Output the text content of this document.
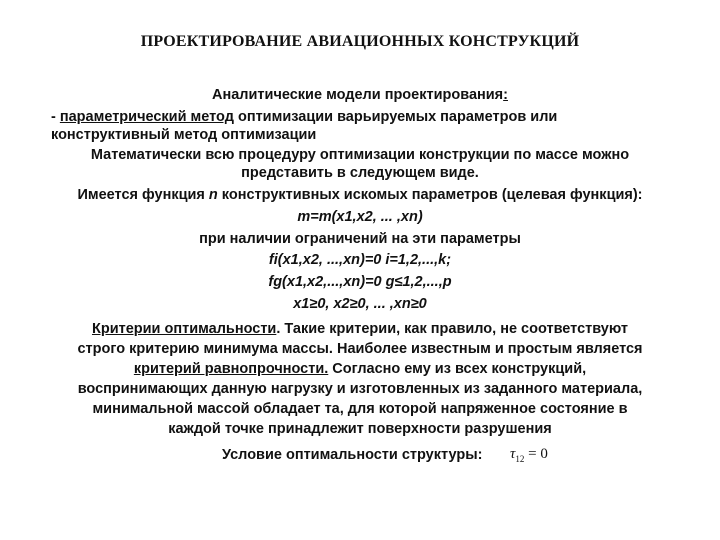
ПРОЕКТИРОВАНИЕ АВИАЦИОННЫХ КОНСТРУКЦИЙ
Аналитические модели проектирования:
- параметрический метод оптимизации варьируемых параметров или
конструктивный метод оптимизации
Математически всю процедуру оптимизации конструкции по массе можно
представить в следующем виде.
Имеется функция n конструктивных искомых параметров (целевая функция):
m=m(x1,x2, ... ,xn)
при наличии ограничений на эти параметры
fi(x1,x2, ...,xn)=0 i=1,2,...,k;
fg(x1,x2,...,xn)=0 g≤1,2,...,p
x1≥0, x2≥0, ... ,xn≥0
Критерии оптимальности. Такие критерии, как правило, не соответствуют
строго критерию минимума массы. Наиболее известным и простым является
критерий равнопрочности. Согласно ему из всех конструкций,
воспринимающих данную нагрузку и изготовленных из заданного материала,
минимальной массой обладает та, для которой напряженное состояние в
каждой точке принадлежит поверхности разрушения
Условие оптимальности структуры: $\tau_{12} = 0$
